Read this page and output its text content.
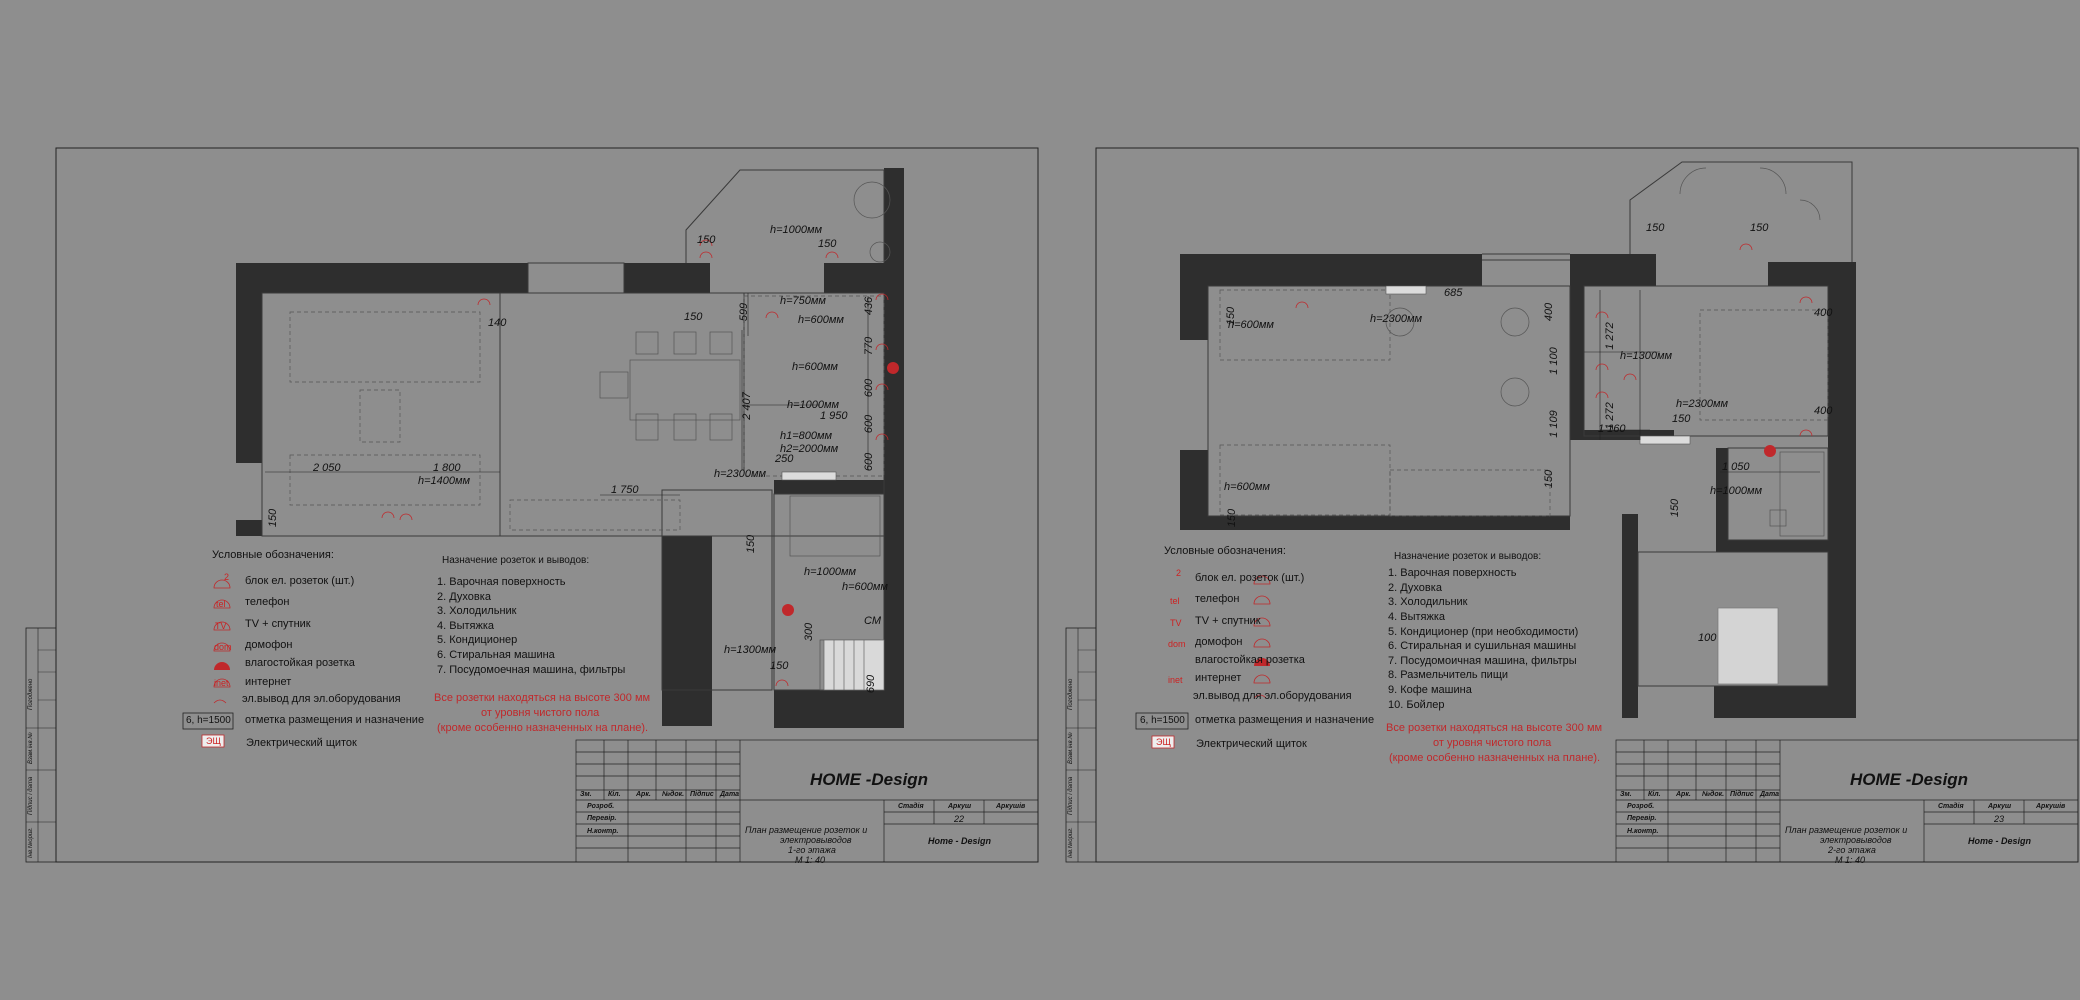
h=1000мм
150	150
h=750мм
h=600мм
150	599	436
140
h=600мм
770
600
2 407	h=1000мм
1 950 600
h1=800мм
h2=2000мм
250	600
2 050	1 800
h=1400мм
h=2300мм
1 750
150
150
h=1000мм
h=600мм
300
h=1300мм
150
690
СМ
Условные обозначения:
2 блок ел. розеток (шт.)
tel телефон
TV TV + спутник
dom домофон
влагостойкая розетка
inet интернет
эл.вывод для эл.оборудования
6, h=1500 отметка размещения и назначение
ЭЩ Электрический щиток
Назначение розеток и выводов:
1. Варочная поверхность
2. Духовка
3. Холодильник
4. Вытяжка
5. Кондиционер
6. Стиральная машина
7. Посудомоечная машина, фильтры
Все розетки находяться на высоте 300 мм
от уровня чистого пола
(кроме особенно назначенных на плане).
HOME -Design
Зм. Кіл. Арк. №док. Підпис Дата
Розроб.
Перевір.
Н.контр.
Стадія	Аркуш	Аркушів
22
Home - Design
План размещение розеток и
электровыводов
1-го этажа
М 1: 40
Погоджено
Взам.інв.№
Підпис і дата
Інв.№ориг.
150	150
685
150
h=600мм	h=2300мм	400
1 272
400
1 100	h=1300мм
1 109	1 272	h=2300мм
150
400
1 160
150
1 050
150
h=1000мм
h=600мм
150
100
Условные обозначения:
2 блок ел. розеток (шт.)
tel телефон
TV TV + спутник
dom домофон
влагостойкая розетка
inet интернет
эл.вывод для эл.оборудования
6, h=1500 отметка размещения и назначение
ЭЩ Электрический щиток
Назначение розеток и выводов:
1. Варочная поверхность
2. Духовка
3. Холодильник
4. Вытяжка
5. Кондиционер (при необходимости)
6. Стиральная и сушильная машины
7. Посудомоичная машина, фильтры
8. Размельчитель пищи
9. Кофе машина
10. Бойлер
Все розетки находяться на высоте 300 мм
от уровня чистого пола
(кроме особенно назначенных на плане).
HOME -Design
Зм. Кіл. Арк. №док. Підпис Дата
Розроб.
Перевір.
Н.контр.
Стадія	Аркуш	Аркушів
23
Home - Design
План размещение розеток и
электровыводов
2-го этажа
М 1: 40
Погоджено
Взам.інв.№
Підпис і дата
Інв.№ориг.
